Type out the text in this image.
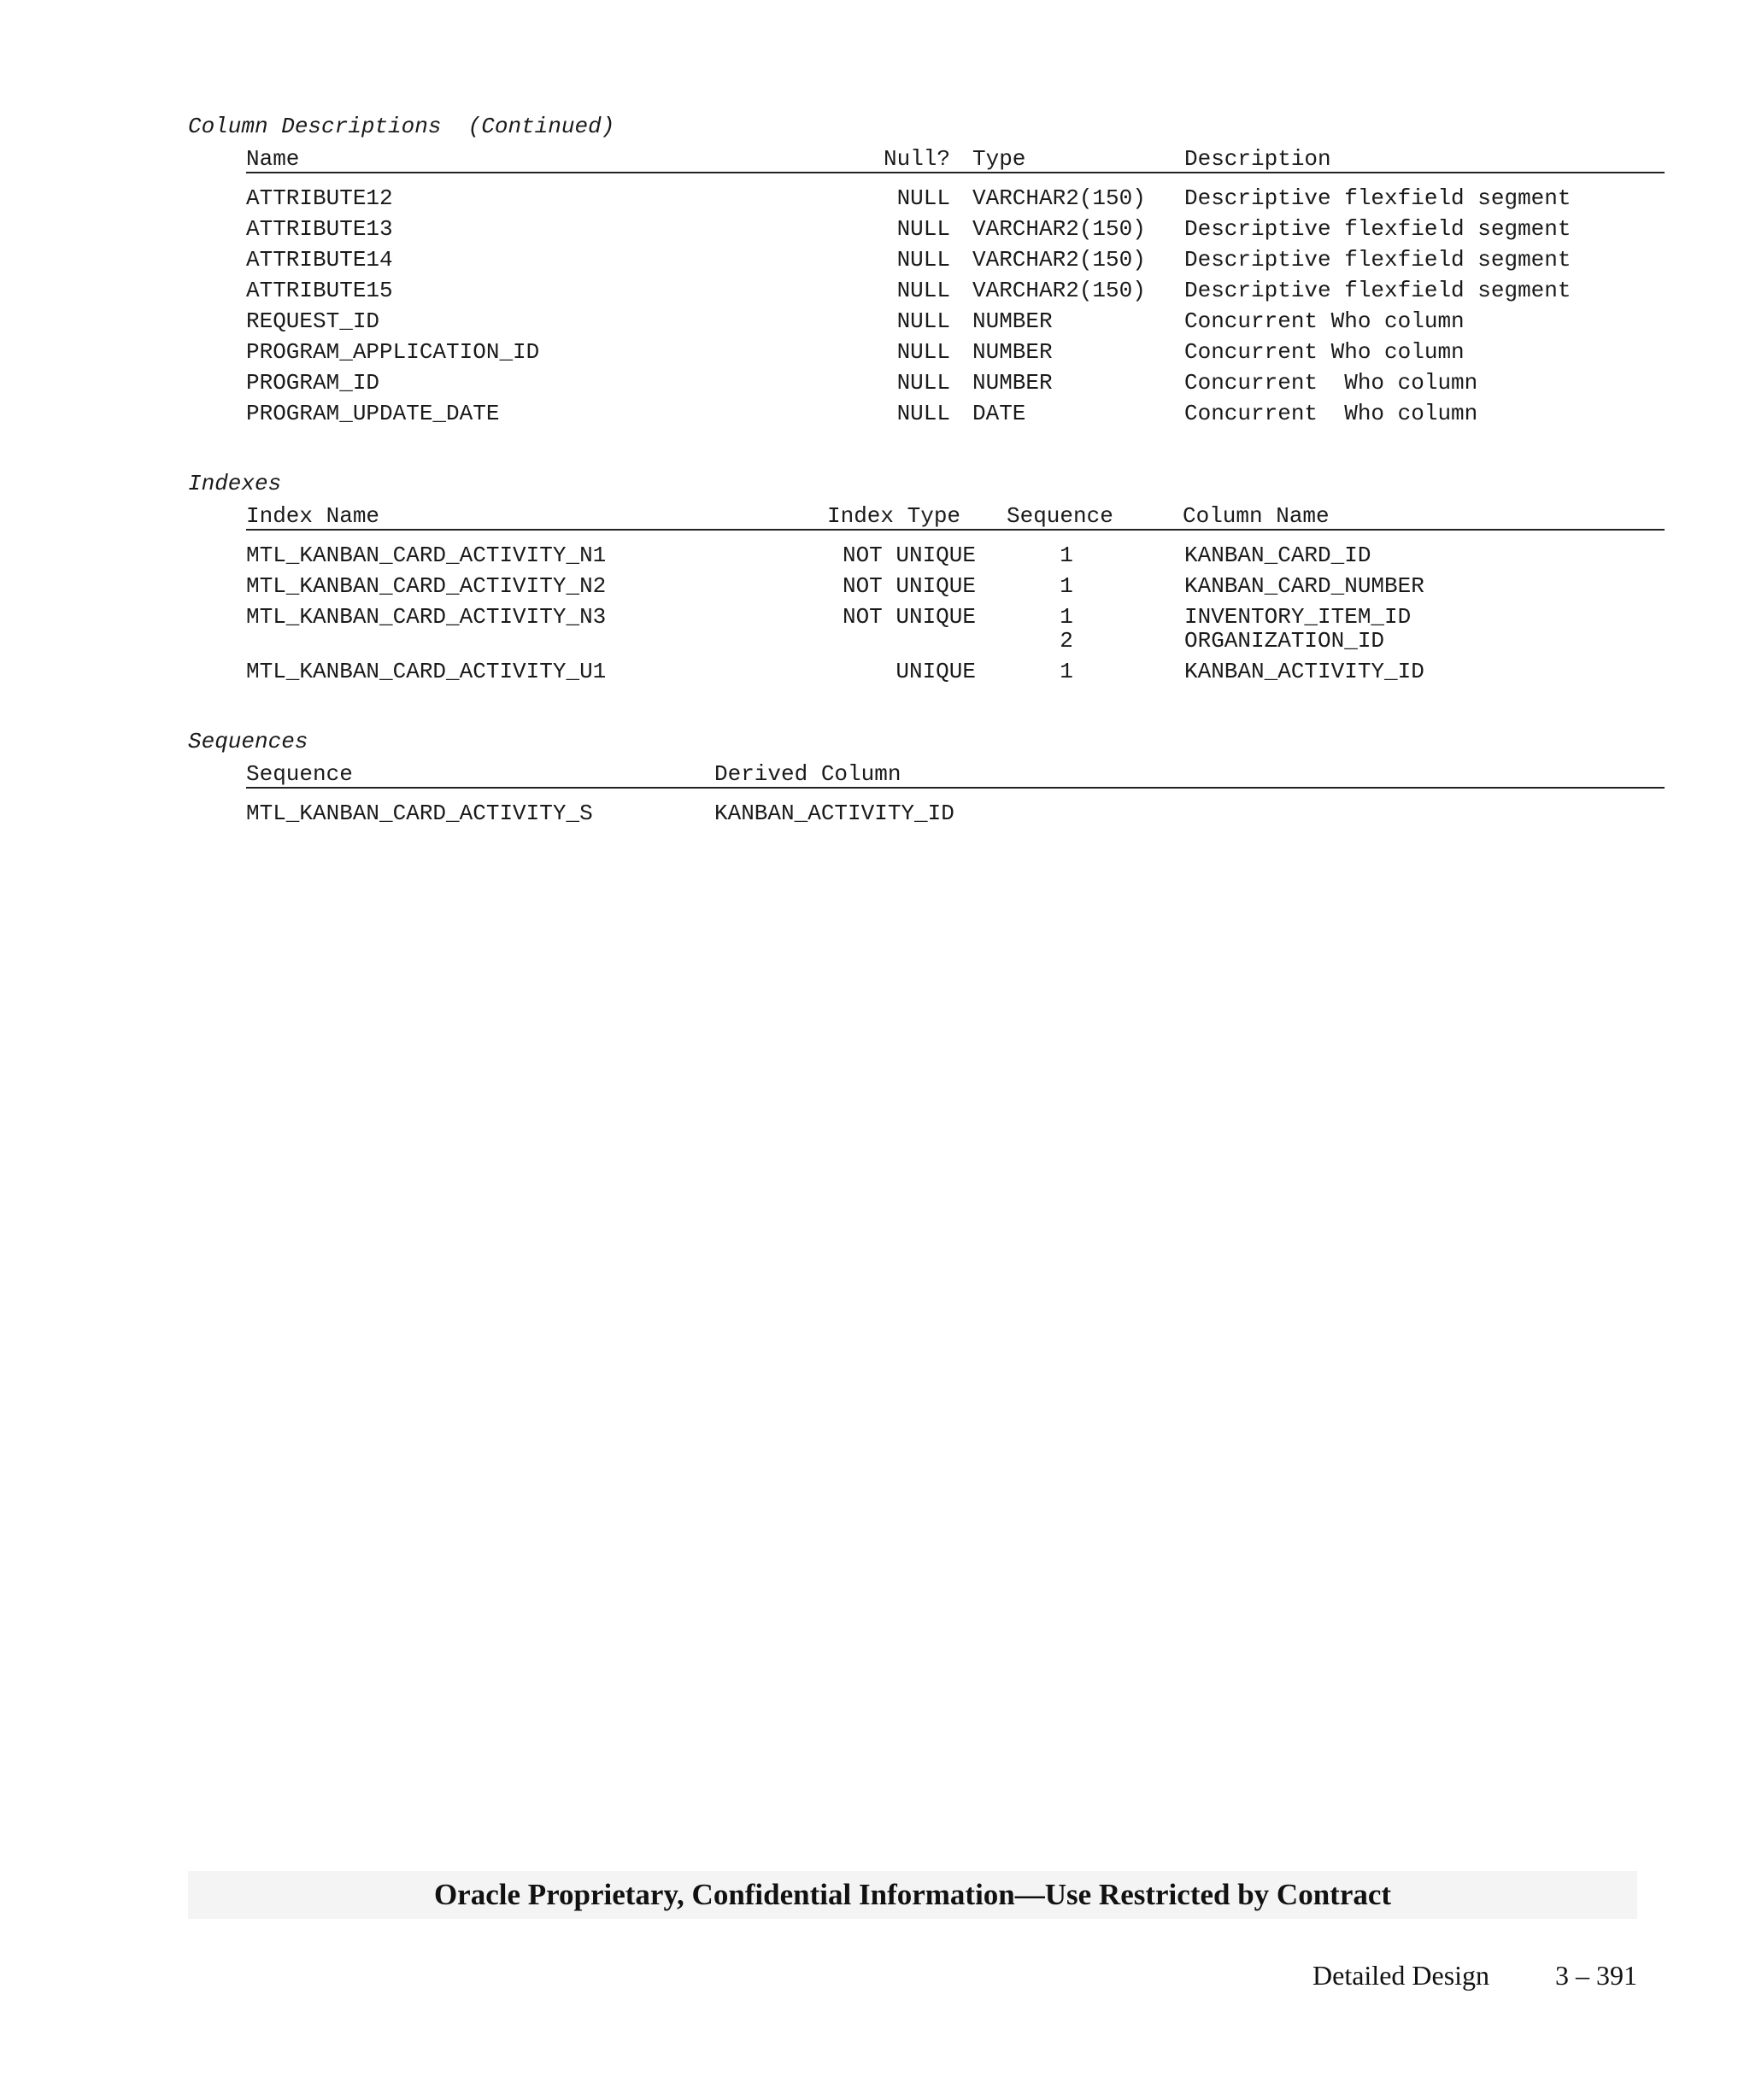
Column Descriptions (Continued)
Name	Null? Type	Description
ATTRIBUTE12	NULL VARCHAR2(150) Descriptive flexfield segment
ATTRIBUTE13	NULL VARCHAR2(150) Descriptive flexfield segment
ATTRIBUTE14	NULL VARCHAR2(150) Descriptive flexfield segment
ATTRIBUTE15	NULL VARCHAR2(150) Descriptive flexfield segment
REQUEST_ID	NULL NUMBER	Concurrent Who column
PROGRAM_APPLICATION_ID	NULL NUMBER	Concurrent Who column
PROGRAM_ID	NULL NUMBER	Concurrent  Who column
PROGRAM_UPDATE_DATE	NULL DATE	Concurrent  Who column
Indexes
Index Name	Index Type Sequence	Column Name
MTL_KANBAN_CARD_ACTIVITY_N1	NOT UNIQUE	1	KANBAN_CARD_ID
MTL_KANBAN_CARD_ACTIVITY_N2	NOT UNIQUE	1	KANBAN_CARD_NUMBER
MTL_KANBAN_CARD_ACTIVITY_N3	NOT UNIQUE	1	INVENTORY_ITEM_ID
2	ORGANIZATION_ID
MTL_KANBAN_CARD_ACTIVITY_U1	UNIQUE	1	KANBAN_ACTIVITY_ID
Sequences
Sequence	Derived Column
MTL_KANBAN_CARD_ACTIVITY_S	KANBAN_ACTIVITY_ID
Oracle Proprietary, Confidential Information––Use Restricted by Contract
Detailed Design	3 – 391
